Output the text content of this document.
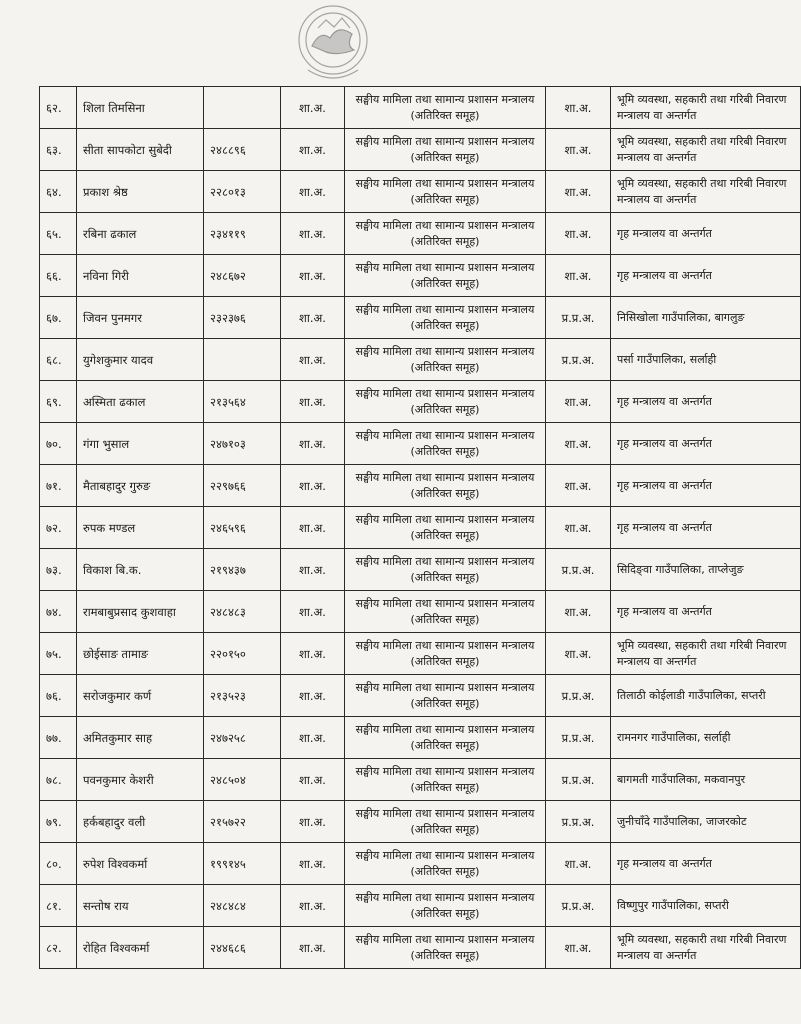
६२.	शिला तिमसिना		शा.अ.	सङ्घीय मामिला तथा सामान्य प्रशासन मन्त्रालय (अतिरिक्त समूह)	शा.अ.	भूमि व्यवस्था, सहकारी तथा गरिबी निवारण मन्त्रालय वा अन्तर्गत
६३.	सीता सापकोटा सुबेदी	२४८८९६	शा.अ.	सङ्घीय मामिला तथा सामान्य प्रशासन मन्त्रालय (अतिरिक्त समूह)	शा.अ.	भूमि व्यवस्था, सहकारी तथा गरिबी निवारण मन्त्रालय वा अन्तर्गत
६४.	प्रकाश श्रेष्ठ	२२८०१३	शा.अ.	सङ्घीय मामिला तथा सामान्य प्रशासन मन्त्रालय (अतिरिक्त समूह)	शा.अ.	भूमि व्यवस्था, सहकारी तथा गरिबी निवारण मन्त्रालय वा अन्तर्गत
६५.	रबिना ढकाल	२३४११९	शा.अ.	सङ्घीय मामिला तथा सामान्य प्रशासन मन्त्रालय (अतिरिक्त समूह)	शा.अ.	गृह मन्त्रालय वा अन्तर्गत
६६.	नविना गिरी	२४८६७२	शा.अ.	सङ्घीय मामिला तथा सामान्य प्रशासन मन्त्रालय (अतिरिक्त समूह)	शा.अ.	गृह मन्त्रालय वा अन्तर्गत
६७.	जिवन पुनमगर	२३२३७६	शा.अ.	सङ्घीय मामिला तथा सामान्य प्रशासन मन्त्रालय (अतिरिक्त समूह)	प्र.प्र.अ.	निसिखोला गाउँपालिका, बागलुङ
६८.	युगेशकुमार यादव		शा.अ.	सङ्घीय मामिला तथा सामान्य प्रशासन मन्त्रालय (अतिरिक्त समूह)	प्र.प्र.अ.	पर्सा गाउँपालिका, सर्लाही
६९.	अस्मिता ढकाल	२१३५६४	शा.अ.	सङ्घीय मामिला तथा सामान्य प्रशासन मन्त्रालय (अतिरिक्त समूह)	शा.अ.	गृह मन्त्रालय वा अन्तर्गत
७०.	गंगा भुसाल	२४७१०३	शा.अ.	सङ्घीय मामिला तथा सामान्य प्रशासन मन्त्रालय (अतिरिक्त समूह)	शा.अ.	गृह मन्त्रालय वा अन्तर्गत
७१.	मैताबहादुर गुरुङ	२२९७६६	शा.अ.	सङ्घीय मामिला तथा सामान्य प्रशासन मन्त्रालय (अतिरिक्त समूह)	शा.अ.	गृह मन्त्रालय वा अन्तर्गत
७२.	रुपक मण्डल	२४६५९६	शा.अ.	सङ्घीय मामिला तथा सामान्य प्रशासन मन्त्रालय (अतिरिक्त समूह)	शा.अ.	गृह मन्त्रालय वा अन्तर्गत
७३.	विकाश बि.क.	२१९४३७	शा.अ.	सङ्घीय मामिला तथा सामान्य प्रशासन मन्त्रालय (अतिरिक्त समूह)	प्र.प्र.अ.	सिदिङ्वा गाउँपालिका, ताप्लेजुङ
७४.	रामबाबुप्रसाद कुशवाहा	२४८४८३	शा.अ.	सङ्घीय मामिला तथा सामान्य प्रशासन मन्त्रालय (अतिरिक्त समूह)	शा.अ.	गृह मन्त्रालय वा अन्तर्गत
७५.	छोईसाङ तामाङ	२२०१५०	शा.अ.	सङ्घीय मामिला तथा सामान्य प्रशासन मन्त्रालय (अतिरिक्त समूह)	शा.अ.	भूमि व्यवस्था, सहकारी तथा गरिबी निवारण मन्त्रालय वा अन्तर्गत
७६.	सरोजकुमार कर्ण	२१३५२३	शा.अ.	सङ्घीय मामिला तथा सामान्य प्रशासन मन्त्रालय (अतिरिक्त समूह)	प्र.प्र.अ.	तिलाठी कोईलाडी गाउँपालिका, सप्तरी
७७.	अमितकुमार साह	२४७२५८	शा.अ.	सङ्घीय मामिला तथा सामान्य प्रशासन मन्त्रालय (अतिरिक्त समूह)	प्र.प्र.अ.	रामनगर गाउँपालिका, सर्लाही
७८.	पवनकुमार केशरी	२४८५०४	शा.अ.	सङ्घीय मामिला तथा सामान्य प्रशासन मन्त्रालय (अतिरिक्त समूह)	प्र.प्र.अ.	बागमती गाउँपालिका, मकवानपुर
७९.	हर्कबहादुर वली	२१५७२२	शा.अ.	सङ्घीय मामिला तथा सामान्य प्रशासन मन्त्रालय (अतिरिक्त समूह)	प्र.प्र.अ.	जुनीचाँदे गाउँपालिका, जाजरकोट
८०.	रुपेश विश्वकर्मा	१९९१४५	शा.अ.	सङ्घीय मामिला तथा सामान्य प्रशासन मन्त्रालय (अतिरिक्त समूह)	शा.अ.	गृह मन्त्रालय वा अन्तर्गत
८१.	सन्तोष राय	२४८४८४	शा.अ.	सङ्घीय मामिला तथा सामान्य प्रशासन मन्त्रालय (अतिरिक्त समूह)	प्र.प्र.अ.	विष्णुपुर गाउँपालिका, सप्तरी
८२.	रोहित विश्वकर्मा	२४४६८६	शा.अ.	सङ्घीय मामिला तथा सामान्य प्रशासन मन्त्रालय (अतिरिक्त समूह)	शा.अ.	भूमि व्यवस्था, सहकारी तथा गरिबी निवारण मन्त्रालय वा अन्तर्गत
